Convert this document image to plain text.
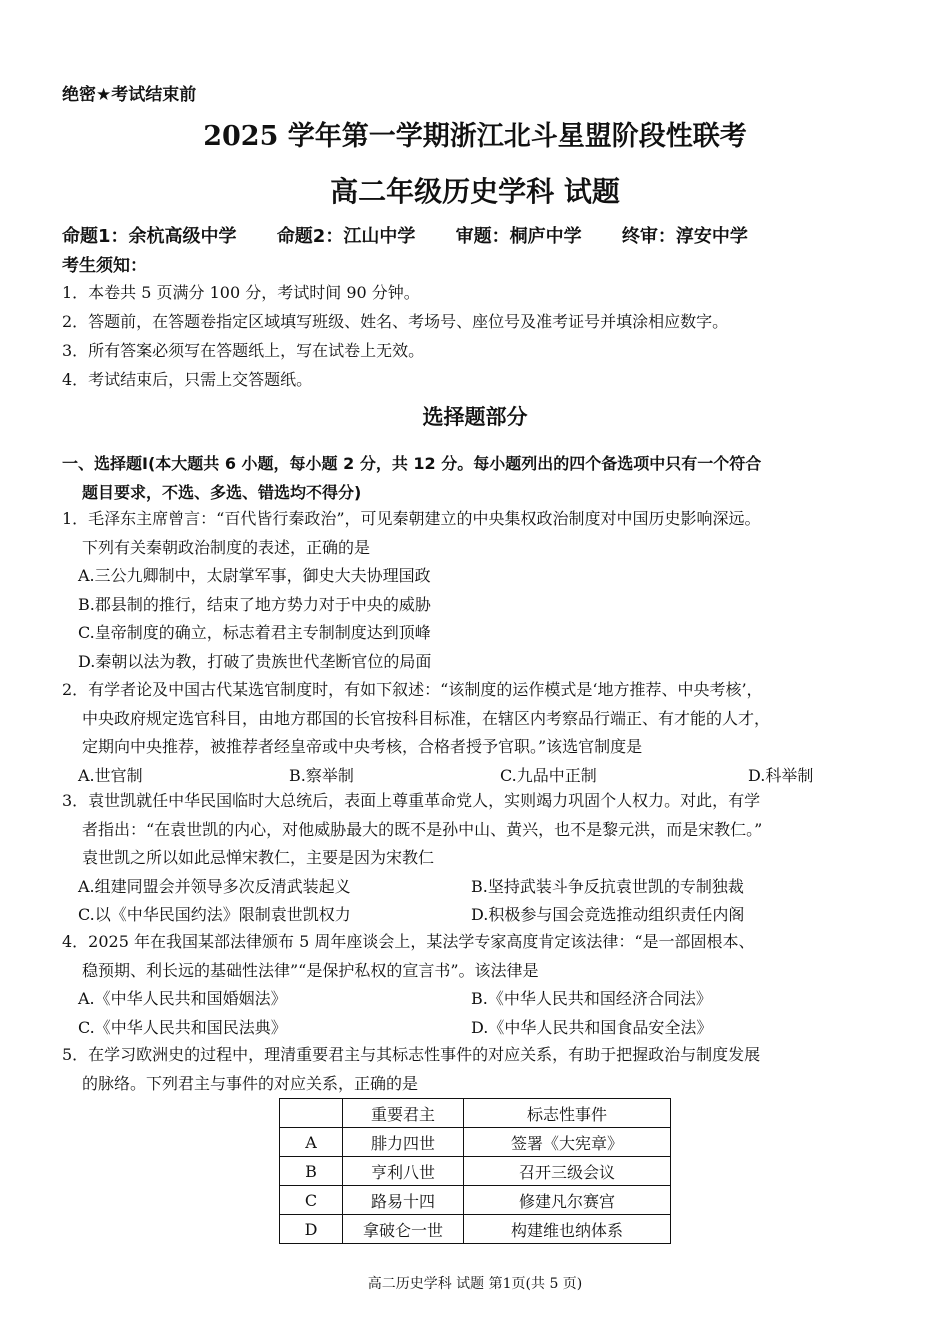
绝密★考试结束前
2025 学年第一学期浙江北斗星盟阶段性联考
高二年级历史学科 试题
命题1：余杭高级中学 命题2：江山中学 审题：桐庐中学 终审：淳安中学
考生须知：
1．本卷共 5 页满分 100 分，考试时间 90 分钟。
2．答题前，在答题卷指定区域填写班级、姓名、考场号、座位号及准考证号并填涂相应数字。
3．所有答案必须写在答题纸上，写在试卷上无效。
4．考试结束后，只需上交答题纸。
选择题部分
一、选择题Ⅰ(本大题共 6 小题，每小题 2 分，共 12 分。每小题列出的四个备选项中只有一个符合
题目要求，不选、多选、错选均不得分)
1．毛泽东主席曾言：“百代皆行秦政治”，可见秦朝建立的中央集权政治制度对中国历史影响深远。
下列有关秦朝政治制度的表述，正确的是
A.三公九卿制中，太尉掌军事，御史大夫协理国政
B.郡县制的推行，结束了地方势力对于中央的威胁
C.皇帝制度的确立，标志着君主专制制度达到顶峰
D.秦朝以法为教，打破了贵族世代垄断官位的局面
2．有学者论及中国古代某选官制度时，有如下叙述：“该制度的运作模式是‘地方推荐、中央考核’，
中央政府规定选官科目，由地方郡国的长官按科目标准，在辖区内考察品行端正、有才能的人才，
定期向中央推荐，被推荐者经皇帝或中央考核，合格者授予官职。”该选官制度是
A.世官制	B.察举制	C.九品中正制	D.科举制
3．袁世凯就任中华民国临时大总统后，表面上尊重革命党人，实则竭力巩固个人权力。对此，有学
者指出：“在袁世凯的内心，对他威胁最大的既不是孙中山、黄兴，也不是黎元洪，而是宋教仁。”
袁世凯之所以如此忌惮宋教仁，主要是因为宋教仁
A.组建同盟会并领导多次反清武装起义	B.坚持武装斗争反抗袁世凯的专制独裁
C.以《中华民国约法》限制袁世凯权力	D.积极参与国会竞选推动组织责任内阁
4．2025 年在我国某部法律颁布 5 周年座谈会上，某法学专家高度肯定该法律：“是一部固根本、
稳预期、利长远的基础性法律”“是保护私权的宣言书”。该法律是
A.《中华人民共和国婚姻法》	B.《中华人民共和国经济合同法》
C.《中华人民共和国民法典》	D.《中华人民共和国食品安全法》
5．在学习欧洲史的过程中，理清重要君主与其标志性事件的对应关系，有助于把握政治与制度发展
的脉络。下列君主与事件的对应关系，正确的是
	重要君主	标志性事件
A	腓力四世	签署《大宪章》
B	亨利八世	召开三级会议
C	路易十四	修建凡尔赛宫
D	拿破仑一世	构建维也纳体系
高二历史学科 试题 第1页(共 5 页)
